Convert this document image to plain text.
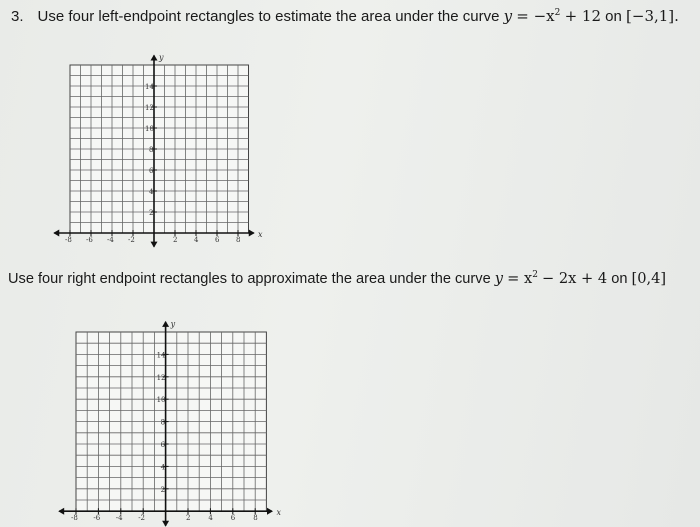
3. Use four left-endpoint rectangles to estimate the area under the curve $y = -x^2 + 12$ on [−3,1].
x
y
-8 -6 -4 -2	2 4 6 8
2
4
6
8
10
12
14
Use four right endpoint rectangles to approximate the area under the curve $y = x^2 - 2x + 4$ on [0,4]
x
y
-8 -6 -4 -2	2	4	6	8
2
4
6
8
10
12
14
